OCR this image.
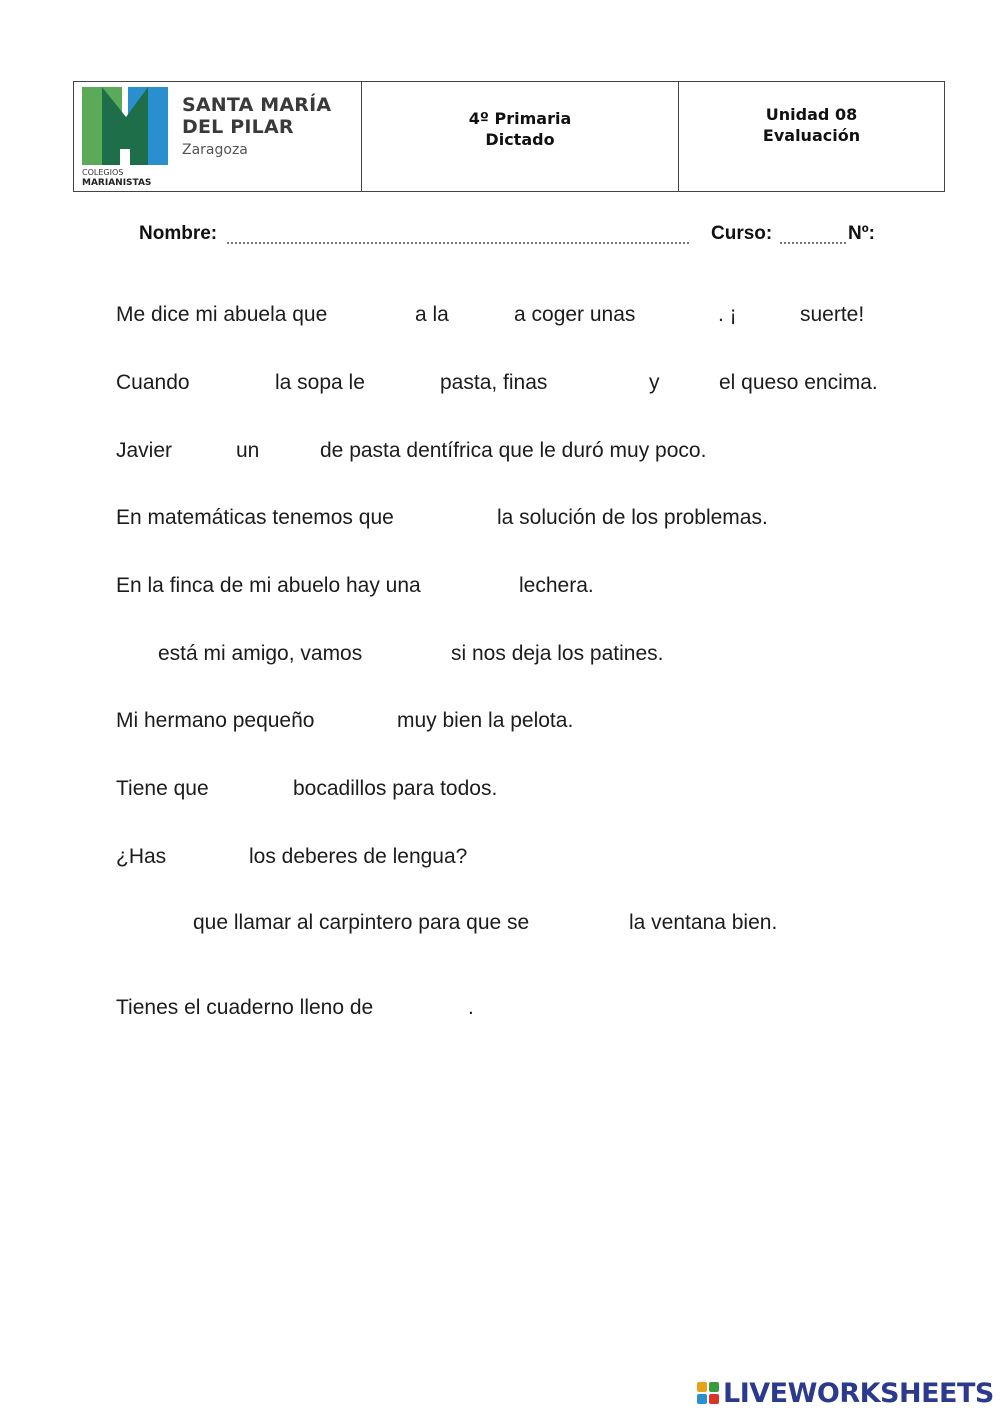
SANTA MARÍA
DEL PILAR
Zaragoza
COLEGIOS
MARIANISTAS
4º Primaria
Dictado
Unidad 08
Evaluación
Nombre:	Curso:	Nº:
Me dice mi abuela que	a la	a coger unas	. ¡	suerte!
Cuando	la sopa le	pasta, finas	y	el queso encima.
Javier	un	de pasta dentífrica que le duró muy poco.
En matemáticas tenemos que	la solución de los problemas.
En la finca de mi abuelo hay una	lechera.
está mi amigo, vamos	si nos deja los patines.
Mi hermano pequeño	muy bien la pelota.
Tiene que	bocadillos para todos.
¿Has	los deberes de lengua?
que llamar al carpintero para que se	la ventana bien.
Tienes el cuaderno lleno de	.
LIVEWORKSHEETS
